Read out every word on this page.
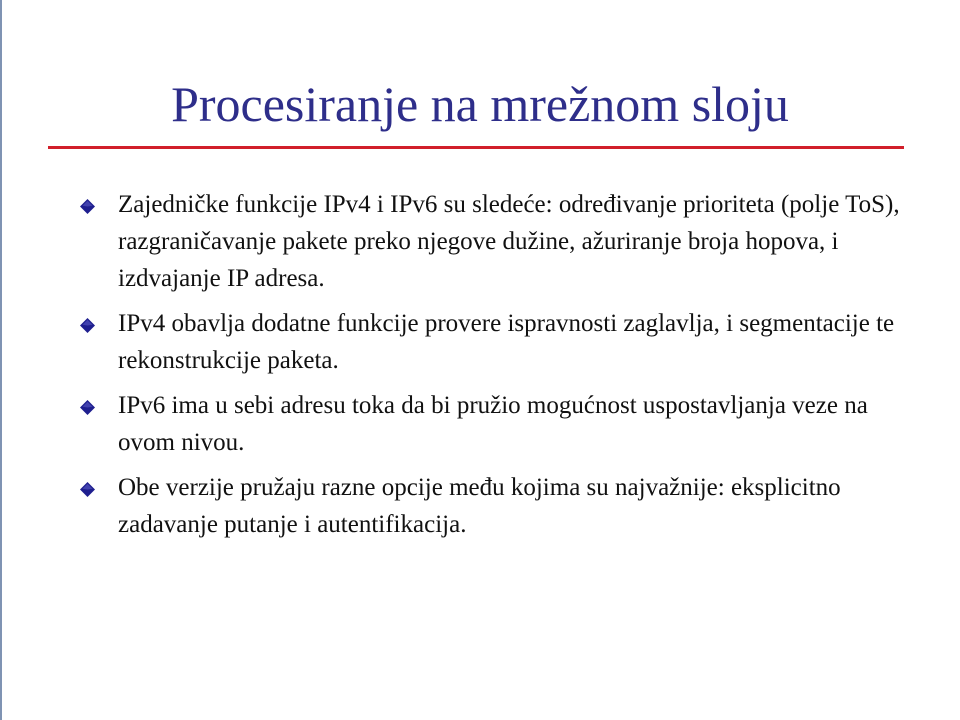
Procesiranje na mrežnom sloju
Zajedničke funkcije IPv4 i IPv6 su sledeće: određivanje prioriteta (polje ToS), razgraničavanje pakete preko njegove dužine, ažuriranje broja hopova, i izdvajanje IP adresa.
IPv4 obavlja dodatne funkcije provere ispravnosti zaglavlja, i segmentacije te rekonstrukcije paketa.
IPv6 ima u sebi adresu toka da bi pružio mogućnost uspostavljanja veze na ovom nivou.
Obe verzije pružaju razne opcije među kojima su najvažnije: eksplicitno zadavanje putanje i autentifikacija.
